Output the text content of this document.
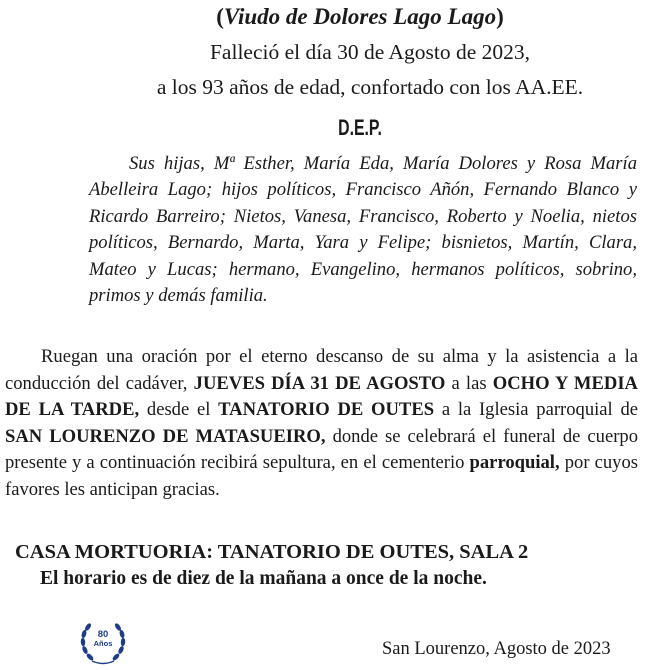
(Viudo de Dolores Lago Lago)
Falleció el día 30 de Agosto de 2023,
a los 93 años de edad, confortado con los AA.EE.
D.E.P.
Sus hijas, Mª Esther, María Eda, María Dolores y Rosa María Abelleira Lago; hijos políticos, Francisco Añón, Fernando Blanco y Ricardo Barreiro; Nietos, Vanesa, Francisco, Roberto y Noelia, nietos políticos, Bernardo, Marta, Yara y Felipe; bisnietos, Martín, Clara, Mateo y Lucas; hermano, Evangelino, hermanos políticos, sobrino, primos y demás familia.
Ruegan una oración por el eterno descanso de su alma y la asistencia a la conducción del cadáver, JUEVES DÍA 31 DE AGOSTO a las OCHO Y MEDIA DE LA TARDE, desde el TANATORIO DE OUTES a la Iglesia parroquial de SAN LOURENZO DE MATASUEIRO, donde se celebrará el funeral de cuerpo presente y a continuación recibirá sepultura, en el cementerio parroquial, por cuyos favores les anticipan gracias.
CASA MORTUORIA: TANATORIO DE OUTES, SALA 2
El horario es de diez de la mañana a once de la noche.
80
Años	San Lourenzo, Agosto de 2023
